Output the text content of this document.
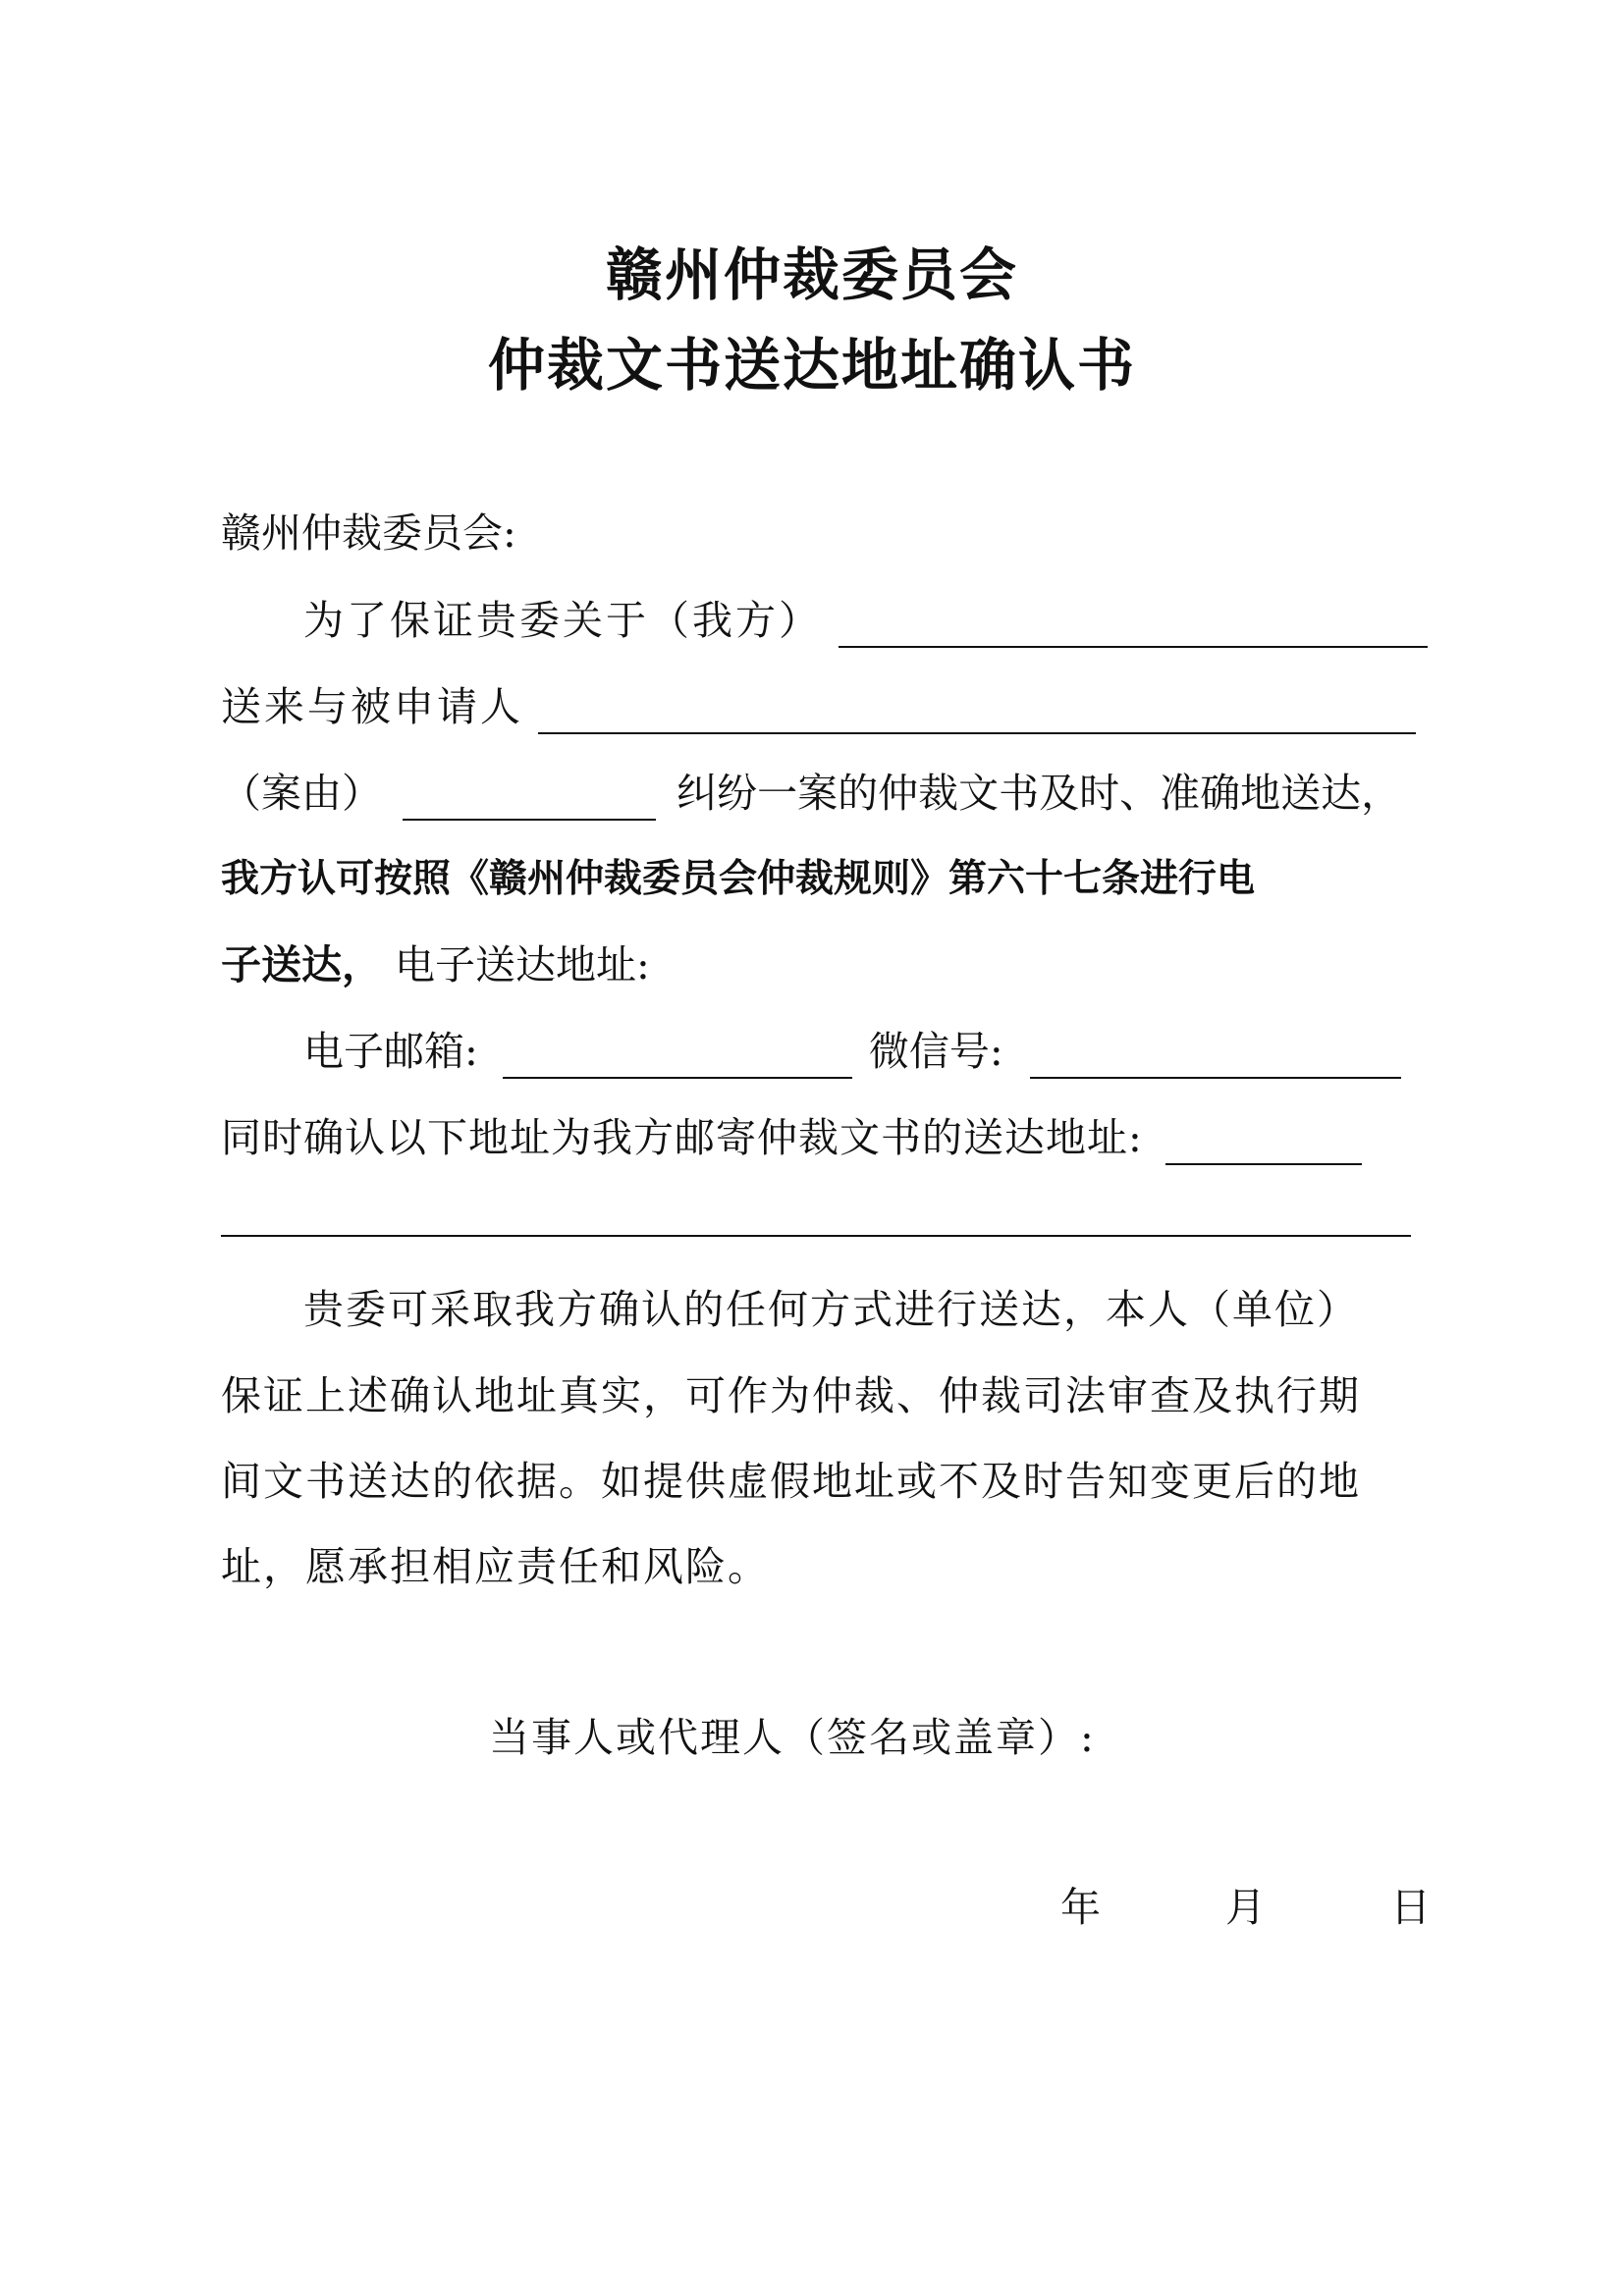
赣州仲裁委员会
仲裁文书送达地址确认书
赣州仲裁委员会:
为了保证贵委关于（我方）
送来与被申请人
（案由）	纠纷一案的仲裁文书及时、准确地送达，
我方认可按照《赣州仲裁委员会仲裁规则》第六十七条进行电
子送达， 电子送达地址:
电子邮箱:	微信号:
同时确认以下地址为我方邮寄仲裁文书的送达地址:
贵委可采取我方确认的任何方式进行送达，本人（单位）
保证上述确认地址真实，可作为仲裁、仲裁司法审查及执行期
间文书送达的依据。如提供虚假地址或不及时告知变更后的地
址，愿承担相应责任和风险。
当事人或代理人（签名或盖章）:
年	月	日
